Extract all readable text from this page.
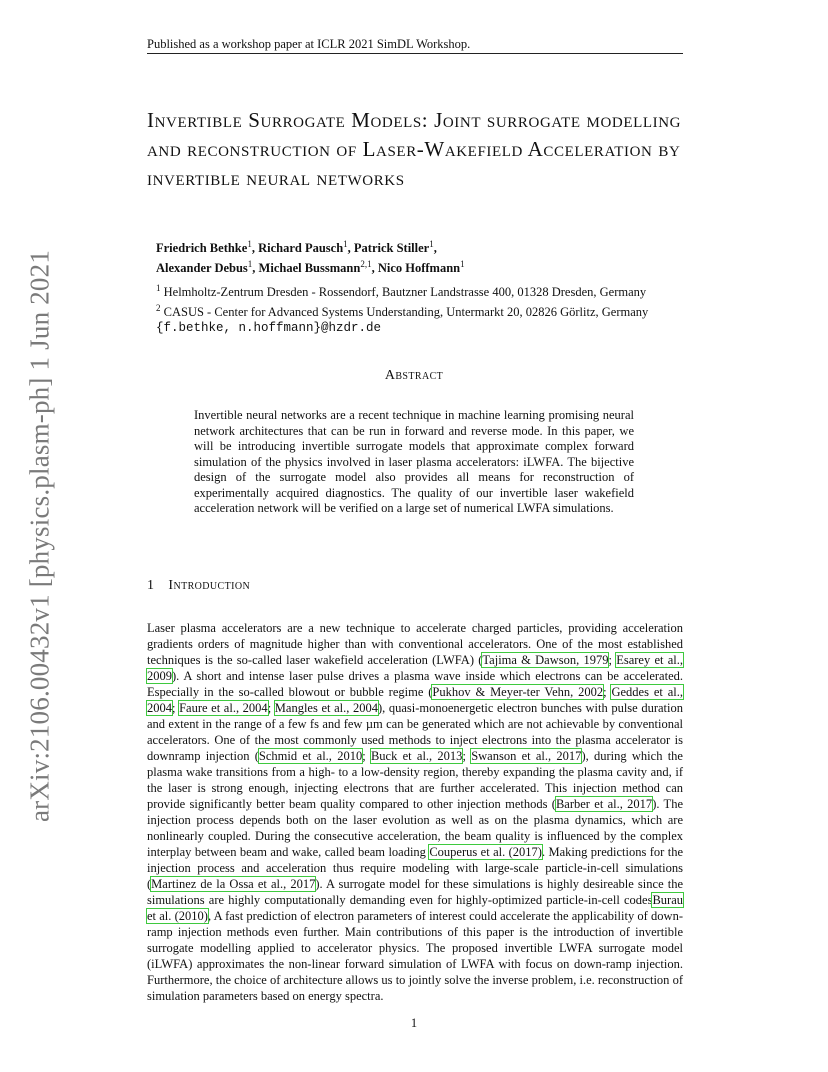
Published as a workshop paper at ICLR 2021 SimDL Workshop.
arXiv:2106.00432v1 [physics.plasm-ph] 1 Jun 2021
Invertible Surrogate Models: Joint surrogate modelling and reconstruction of Laser-Wakefield Acceleration by invertible neural networks
Friedrich Bethke$^1$, Richard Pausch$^1$, Patrick Stiller$^1$,
Alexander Debus$^1$, Michael Bussmann$^{2,1}$, Nico Hoffmann$^1$
$^1$ Helmholtz-Zentrum Dresden - Rossendorf, Bautzner Landstrasse 400, 01328 Dresden, Germany
$^2$ CASUS - Center for Advanced Systems Understanding, Untermarkt 20, 02826 Görlitz, Germany
{f.bethke, n.hoffmann}@hzdr.de
Abstract

Invertible neural networks are a recent technique in machine learning promising neural network architectures that can be run in forward and reverse mode. In this paper, we will be introducing invertible surrogate models that approximate complex forward simulation of the physics involved in laser plasma accelerators: iLWFA. The bijective design of the surrogate model also provides all means for reconstruction of experimentally acquired diagnostics. The quality of our invertible laser wakefield acceleration network will be verified on a large set of numerical LWFA simulations.

1 Introduction

Laser plasma accelerators are a new technique to accelerate charged particles, providing acceleration gradients orders of magnitude higher than with conventional accelerators. One of the most established techniques is the so-called laser wakefield acceleration (LWFA) (Tajima & Dawson, 1979; Esarey et al., 2009). A short and intense laser pulse drives a plasma wave inside which electrons can be accelerated. Especially in the so-called blowout or bubble regime (Pukhov & Meyer-ter Vehn, 2002; Geddes et al., 2004; Faure et al., 2004; Mangles et al., 2004), quasi-monoenergetic electron bunches with pulse duration and extent in the range of a few fs and few µm can be generated which are not achievable by conventional accelerators. One of the most commonly used methods to inject electrons into the plasma accelerator is downramp injection (Schmid et al., 2010; Buck et al., 2013; Swanson et al., 2017), during which the plasma wake transitions from a high- to a low-density region, thereby expanding the plasma cavity and, if the laser is strong enough, injecting electrons that are further accelerated. This injection method can provide significantly better beam quality compared to other injection methods (Barber et al., 2017). The injection process depends both on the laser evolution as well as on the plasma dynamics, which are nonlinearly coupled. During the consecutive acceleration, the beam quality is influenced by the complex interplay between beam and wake, called beam loading Couperus et al. (2017). Making predictions for the injection process and acceleration thus require modeling with large-scale particle-in-cell simulations (Martinez de la Ossa et al., 2017). A surrogate model for these simulations is highly desireable since the simulations are highly computationally demanding even for highly-optimized particle-in-cell codesBurau et al. (2010), A fast prediction of electron parameters of interest could accelerate the applicability of down-ramp injection methods even further. Main contributions of this paper is the introduction of invertible surrogate modelling applied to accelerator physics. The proposed invertible LWFA surrogate model (iLWFA) approximates the non-linear forward simulation of LWFA with focus on down-ramp injection. Furthermore, the choice of architecture allows us to jointly solve the inverse problem, i.e. reconstruction of simulation parameters based on energy spectra.

1
